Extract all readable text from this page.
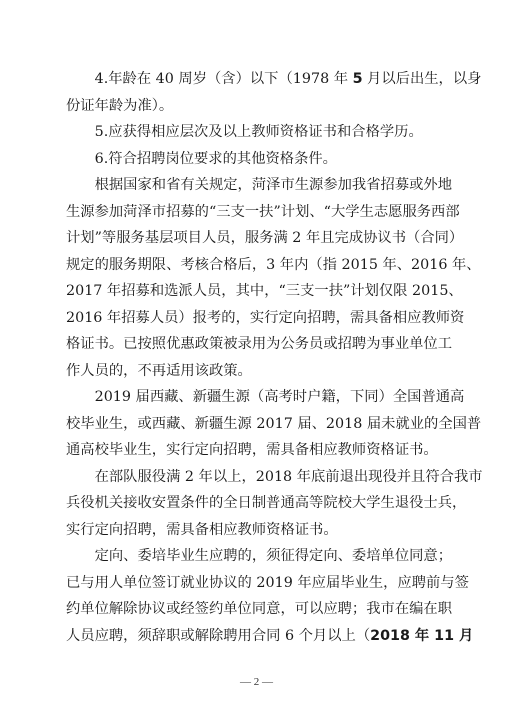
4.年龄在 40 周岁（含）以下（1978 年 5 月以后出生，以身
份证年龄为准）。
5.应获得相应层次及以上教师资格证书和合格学历。
6.符合招聘岗位要求的其他资格条件。
根据国家和省有关规定，菏泽市生源参加我省招募或外地
生源参加菏泽市招募的“三支一扶”计划、“大学生志愿服务西部
计划”等服务基层项目人员，服务满 2 年且完成协议书（合同）
规定的服务期限、考核合格后，3 年内（指 2015 年、2016 年、
2017 年招募和选派人员，其中，“三支一扶”计划仅限 2015、
2016 年招募人员）报考的，实行定向招聘，需具备相应教师资
格证书。已按照优惠政策被录用为公务员或招聘为事业单位工
作人员的，不再适用该政策。
2019 届西藏、新疆生源（高考时户籍，下同）全国普通高
校毕业生，或西藏、新疆生源 2017 届、2018 届未就业的全国普
通高校毕业生，实行定向招聘，需具备相应教师资格证书。
在部队服役满 2 年以上，2018 年底前退出现役并且符合我市
兵役机关接收安置条件的全日制普通高等院校大学生退役士兵，
实行定向招聘，需具备相应教师资格证书。
定向、委培毕业生应聘的，须征得定向、委培单位同意；
已与用人单位签订就业协议的 2019 年应届毕业生，应聘前与签
约单位解除协议或经签约单位同意，可以应聘；我市在编在职
人员应聘，须辞职或解除聘用合同 6 个月以上（2018 年 11 月
— 2 —
